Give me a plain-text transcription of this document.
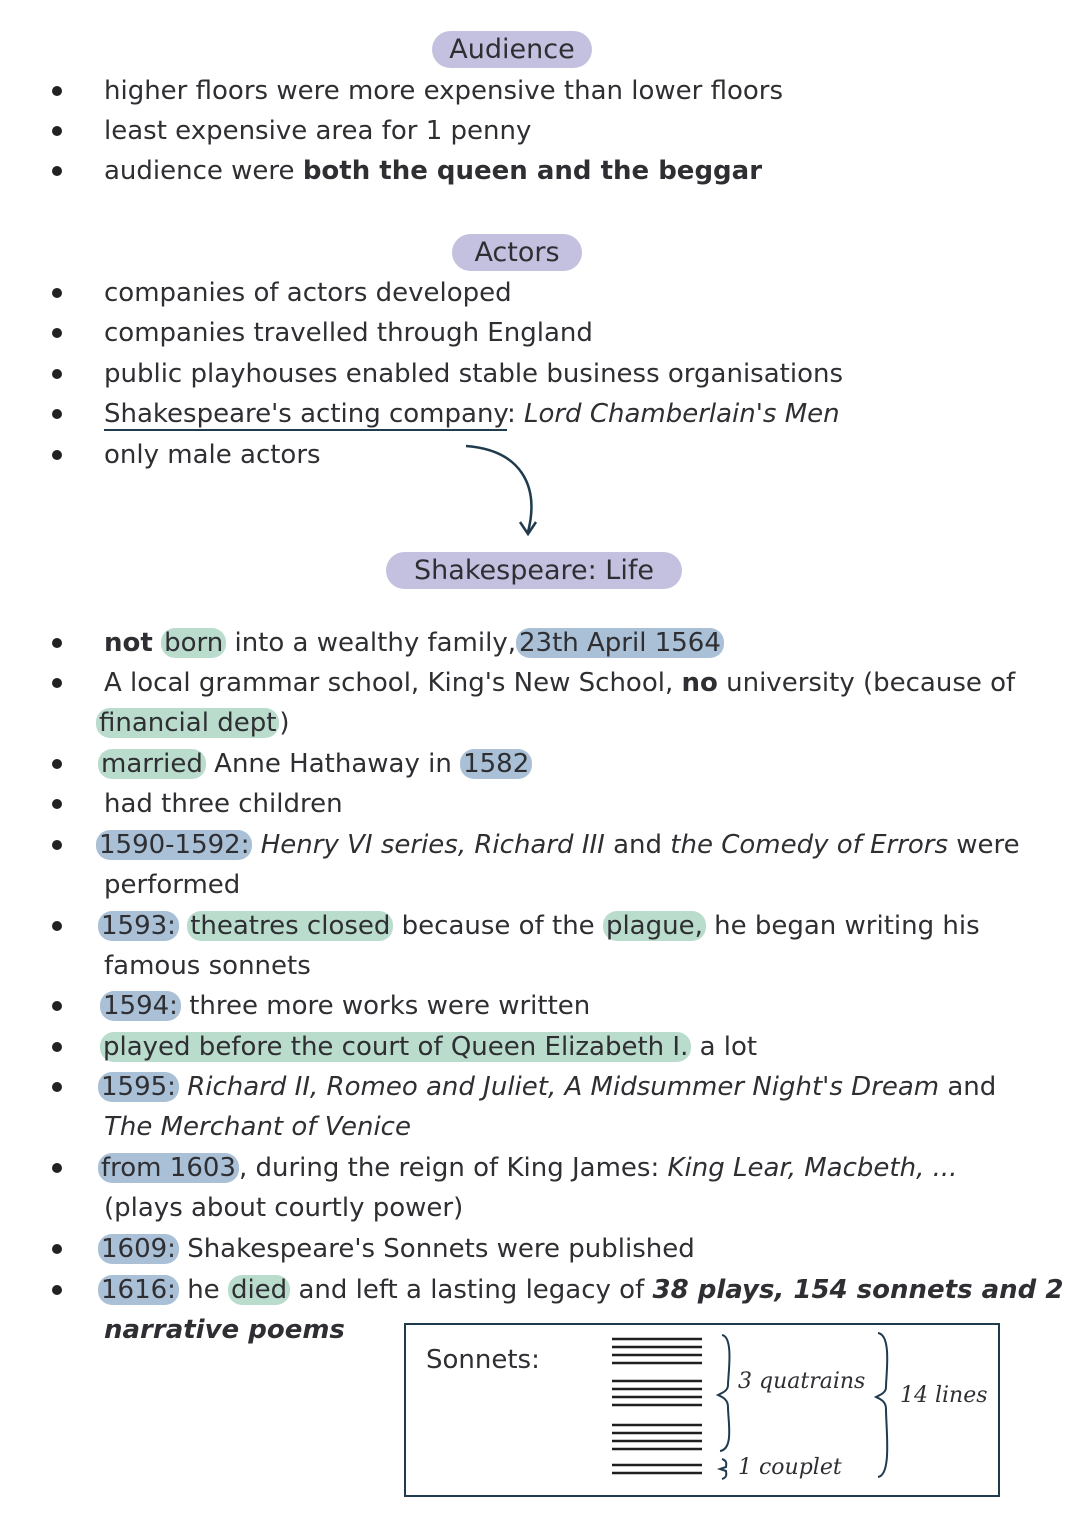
Audience
higher floors were more expensive than lower floors
least expensive area for 1 penny
audience were both the queen and the beggar
Actors
companies of actors developed
companies travelled through England
public playhouses enabled stable business organisations
Shakespeare's acting company: Lord Chamberlain's Men
only male actors
Shakespeare: Life
not born into a wealthy family, 23th April 1564
A local grammar school, King's New School, no university (because of
financial dept )
married Anne Hathaway in 1582
had three children
1590-1592: Henry VI series, Richard III and the Comedy of Errors were
performed
1593: theatres closed because of the plague, he began writing his
famous sonnets
1594: three more works were written
played before the court of Queen Elizabeth I. a lot
1595: Richard II, Romeo and Juliet, A Midsummer Night's Dream and
The Merchant of Venice
from 1603 , during the reign of King James: King Lear, Macbeth, ...
(plays about courtly power)
1609: Shakespeare's Sonnets were published
1616: he died and left a lasting legacy of 38 plays, 154 sonnets and 2
narrative poems
Sonnets:
3 quatrains
1 couplet
14 lines
